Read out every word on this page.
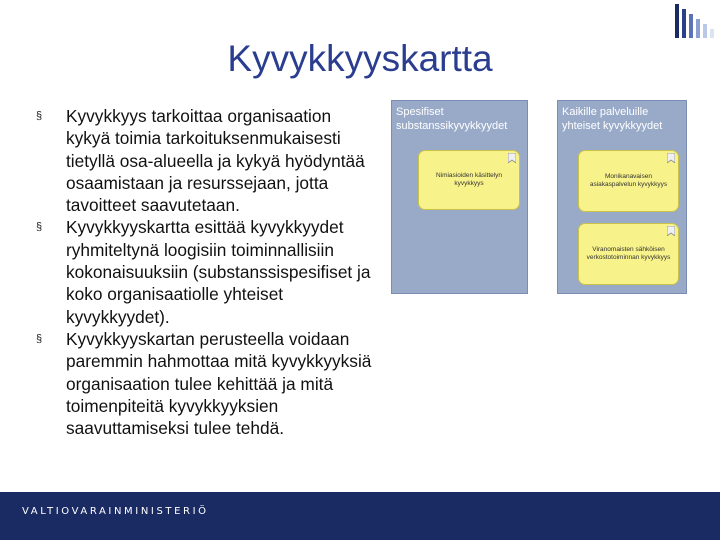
Kyvykkyyskartta
§ Kyvykkyys tarkoittaa organisaation kykyä toimia tarkoituksenmukaisesti tietyllä osa-alueella ja kykyä hyödyntää osaamistaan ja resurssejaan, jotta tavoitteet saavutetaan.
§ Kyvykkyyskartta esittää kyvykkyydet ryhmiteltynä loogisiin toiminnallisiin kokonaisuuksiin (substanssispesifiset ja koko organisaatiolle yhteiset kyvykkyydet).
§ Kyvykkyyskartan perusteella voidaan paremmin hahmottaa mitä kyvykkyyksiä organisaation tulee kehittää ja mitä toimenpiteitä kyvykkyyksien saavuttamiseksi tulee tehdä.
Spesifiset substanssikyvykkyydet
Nimiasioiden käsittelyn kyvykkyys
Kaikille palveluille yhteiset kyvykkyydet
Monikanavaisen asiakaspalvelun kyvykkyys
Viranomaisten sähköisen verkostotoiminnan kyvykkyys
VALTIOVARAINMINISTERIÖ
